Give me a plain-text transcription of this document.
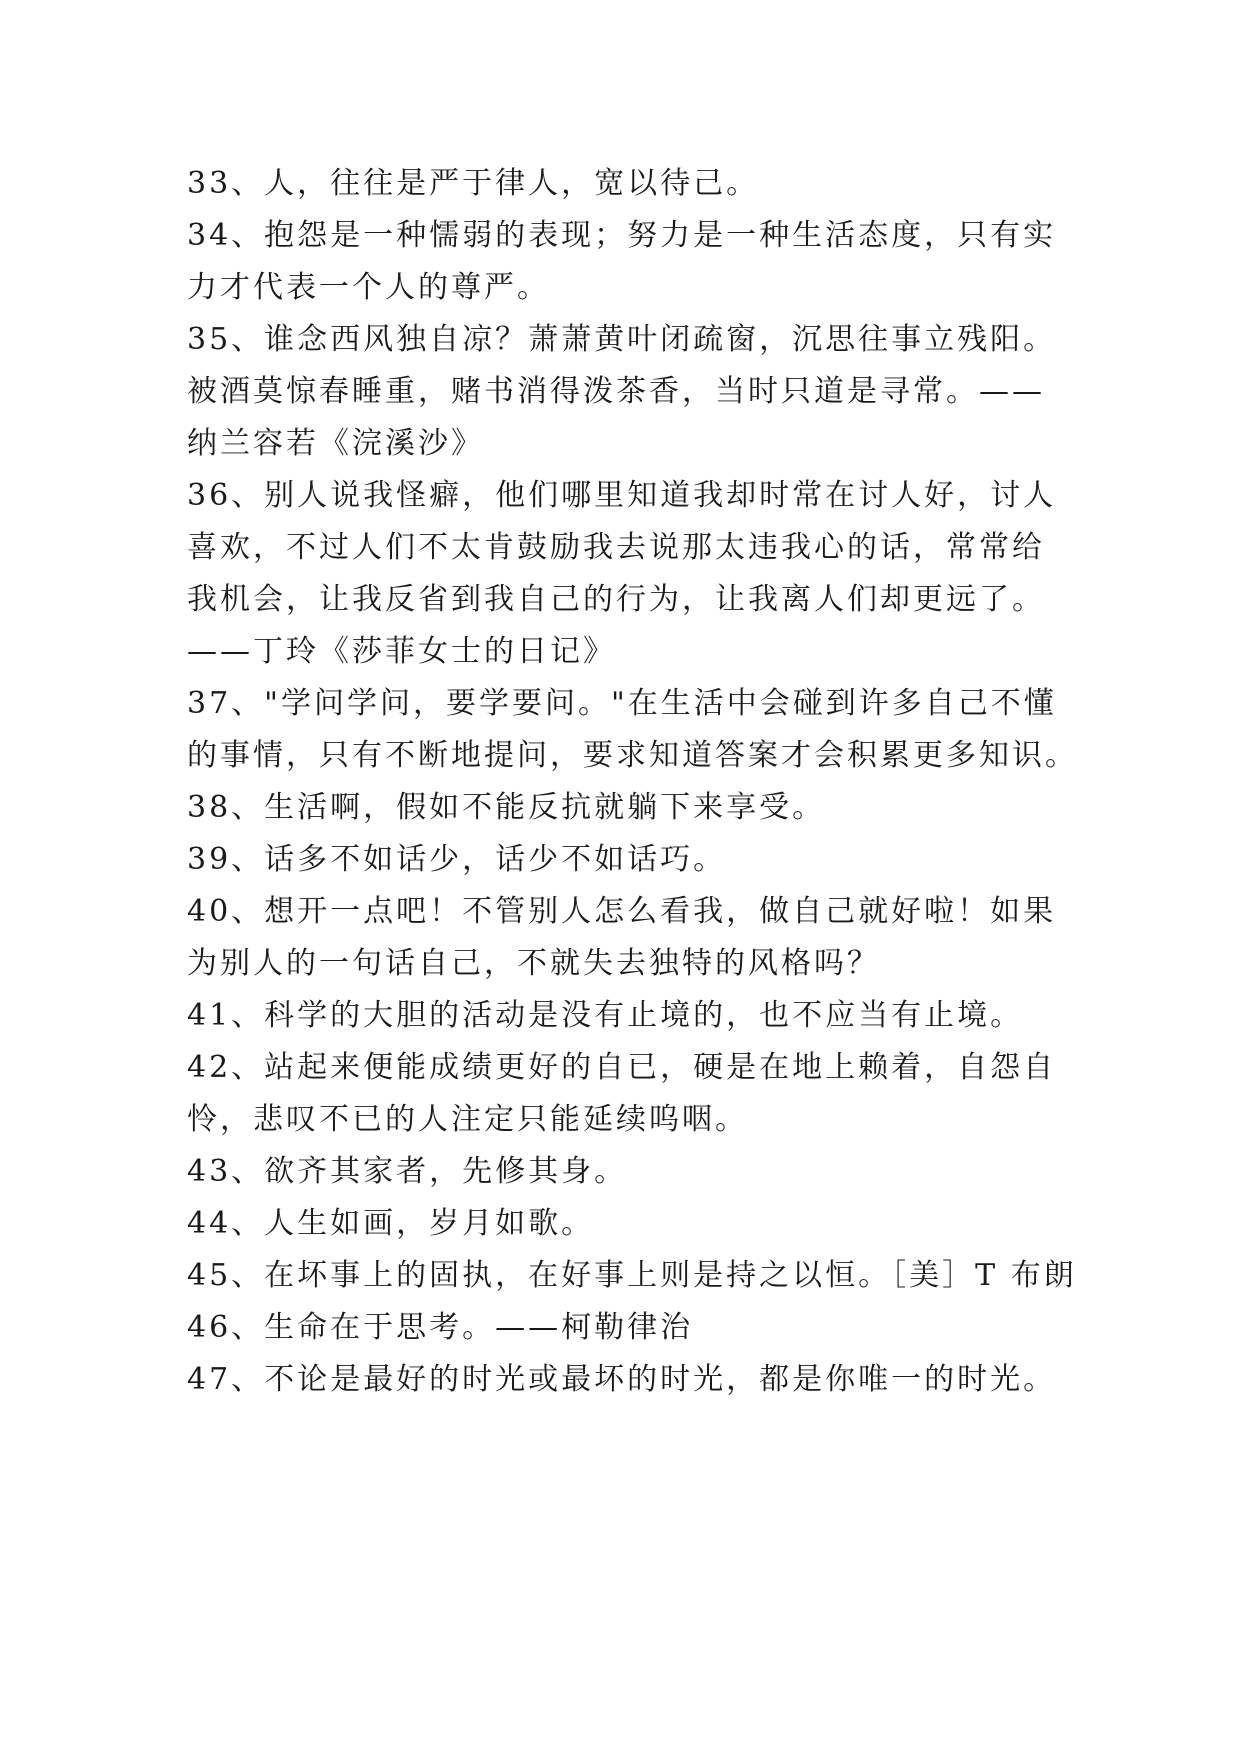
33、人，往往是严于律人，宽以待己。
34、抱怨是一种懦弱的表现；努力是一种生活态度，只有实
力才代表一个人的尊严。
35、谁念西风独自凉？萧萧黄叶闭疏窗，沉思往事立残阳。
被酒莫惊春睡重，赌书消得泼茶香，当时只道是寻常。——
纳兰容若《浣溪沙》
36、别人说我怪癖，他们哪里知道我却时常在讨人好，讨人
喜欢，不过人们不太肯鼓励我去说那太违我心的话，常常给
我机会，让我反省到我自己的行为，让我离人们却更远了。
——丁玲《莎菲女士的日记》
37、"学问学问，要学要问。"在生活中会碰到许多自己不懂
的事情，只有不断地提问，要求知道答案才会积累更多知识。
38、生活啊，假如不能反抗就躺下来享受。
39、话多不如话少，话少不如话巧。
40、想开一点吧！不管别人怎么看我，做自己就好啦！如果
为别人的一句话自己，不就失去独特的风格吗？
41、科学的大胆的活动是没有止境的，也不应当有止境。
42、站起来便能成绩更好的自已，硬是在地上赖着，自怨自
怜，悲叹不已的人注定只能延续呜咽。
43、欲齐其家者，先修其身。
44、人生如画，岁月如歌。
45、在坏事上的固执，在好事上则是持之以恒。［美］T 布朗
46、生命在于思考。——柯勒律治
47、不论是最好的时光或最坏的时光，都是你唯一的时光。
